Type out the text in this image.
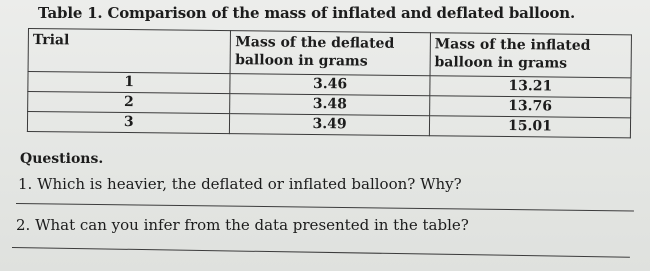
Table 1. Comparison of the mass of inflated and deflated balloon.
Trial	Mass of the deflated balloon in grams	Mass of the inflated balloon in grams
1	3.46	13.21
2	3.48	13.76
3	3.49	15.01
Questions.
1. Which is heavier, the deflated or inflated balloon? Why?
2. What can you infer from the data presented in the table?
